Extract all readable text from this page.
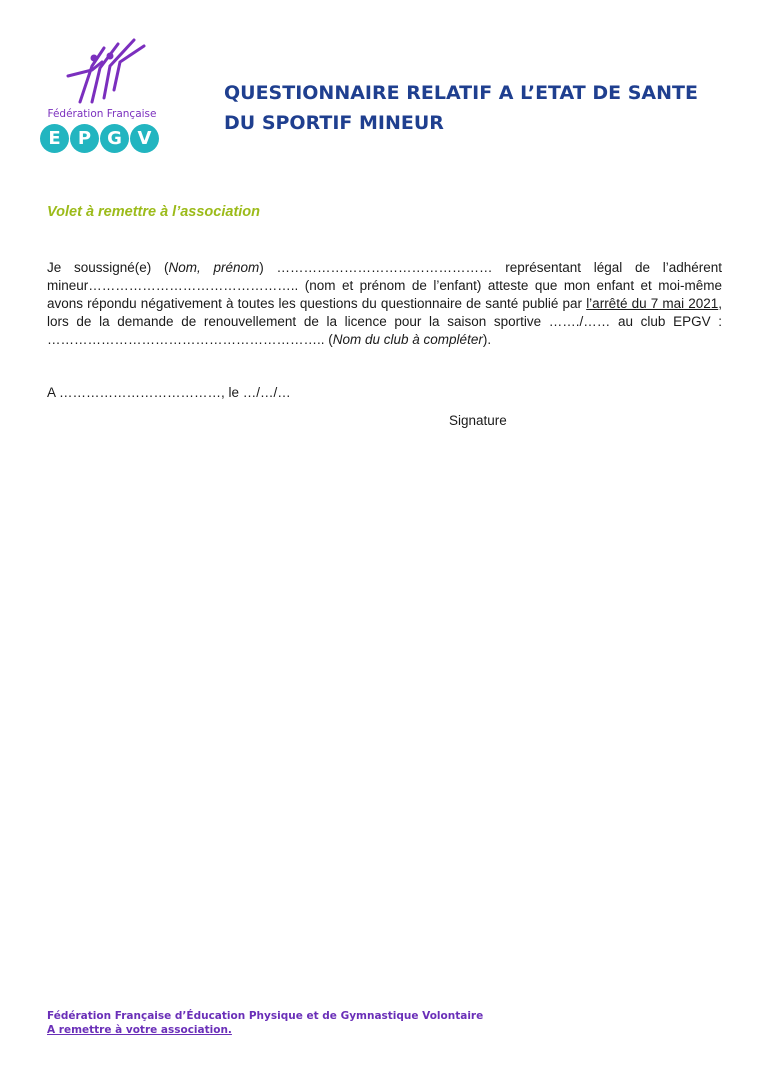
Fédération Française
E P G V
QUESTIONNAIRE RELATIF A L’ETAT DE SANTE DU SPORTIF MINEUR
Volet à remettre à l’association

Je soussigné(e) (Nom, prénom) ………………………………………… représentant légal de l’adhérent mineur……………………………………….. (nom et prénom de l’enfant) atteste que mon enfant et moi-même avons répondu négativement à toutes les questions du questionnaire de santé publié par l’arrêté du 7 mai 2021, lors de la demande de renouvellement de la licence pour la saison sportive ……./…… au club EPGV : …………………………………………………….. (Nom du club à compléter).

A ………………………………, le …/…/…

Signature

Fédération Française d’Éducation Physique et de Gymnastique Volontaire
A remettre à votre association.
